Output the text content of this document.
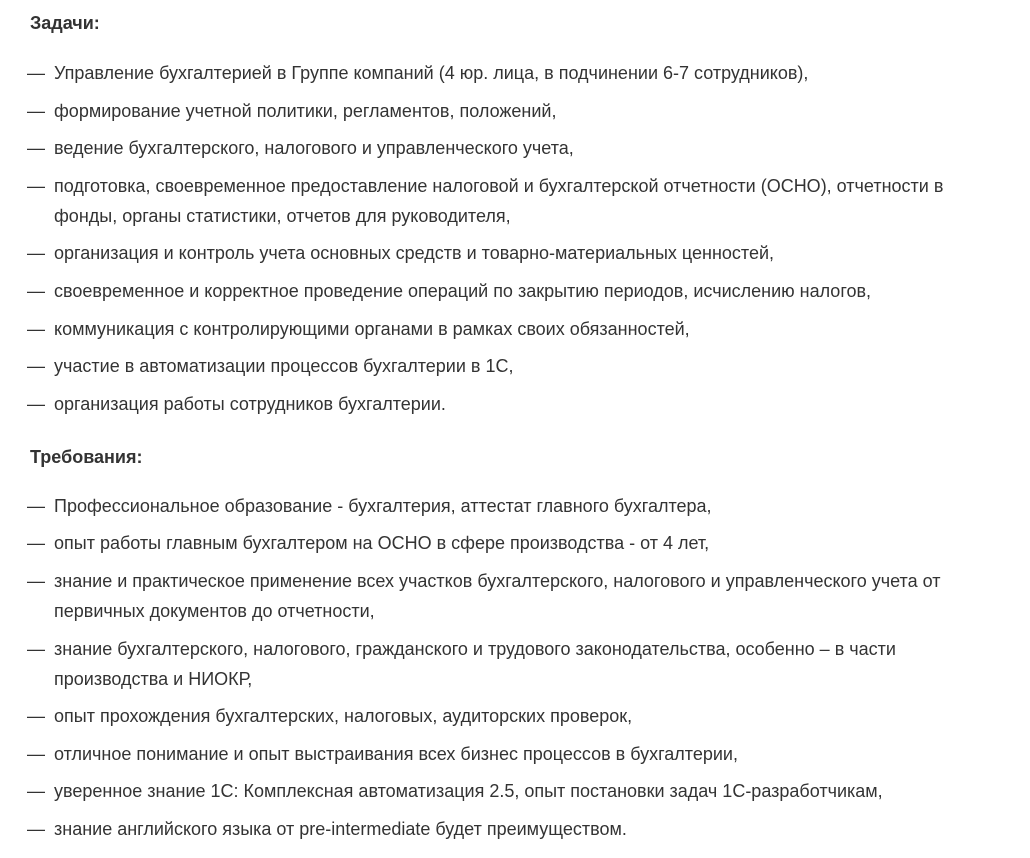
Задачи:
— Управление бухгалтерией в Группе компаний (4 юр. лица, в подчинении 6-7 сотрудников),
— формирование учетной политики, регламентов, положений,
— ведение бухгалтерского, налогового и управленческого учета,
— подготовка, своевременное предоставление налоговой и бухгалтерской отчетности (ОСНО), отчетности в фонды, органы статистики, отчетов для руководителя,
— организация и контроль учета основных средств и товарно-материальных ценностей,
— своевременное и корректное проведение операций по закрытию периодов, исчислению налогов,
— коммуникация с контролирующими органами в рамках своих обязанностей,
— участие в автоматизации процессов бухгалтерии в 1С,
— организация работы сотрудников бухгалтерии.
Требования:
— Профессиональное образование - бухгалтерия, аттестат главного бухгалтера,
— опыт работы главным бухгалтером на ОСНО в сфере производства - от 4 лет,
— знание и практическое применение всех участков бухгалтерского, налогового и управленческого учета от первичных документов до отчетности,
— знание бухгалтерского, налогового, гражданского и трудового законодательства, особенно – в части производства и НИОКР,
— опыт прохождения бухгалтерских, налоговых, аудиторских проверок,
— отличное понимание и опыт выстраивания всех бизнес процессов в бухгалтерии,
— уверенное знание 1С: Комплексная автоматизация 2.5, опыт постановки задач 1С-разработчикам,
— знание английского языка от pre-intermediate будет преимуществом.
